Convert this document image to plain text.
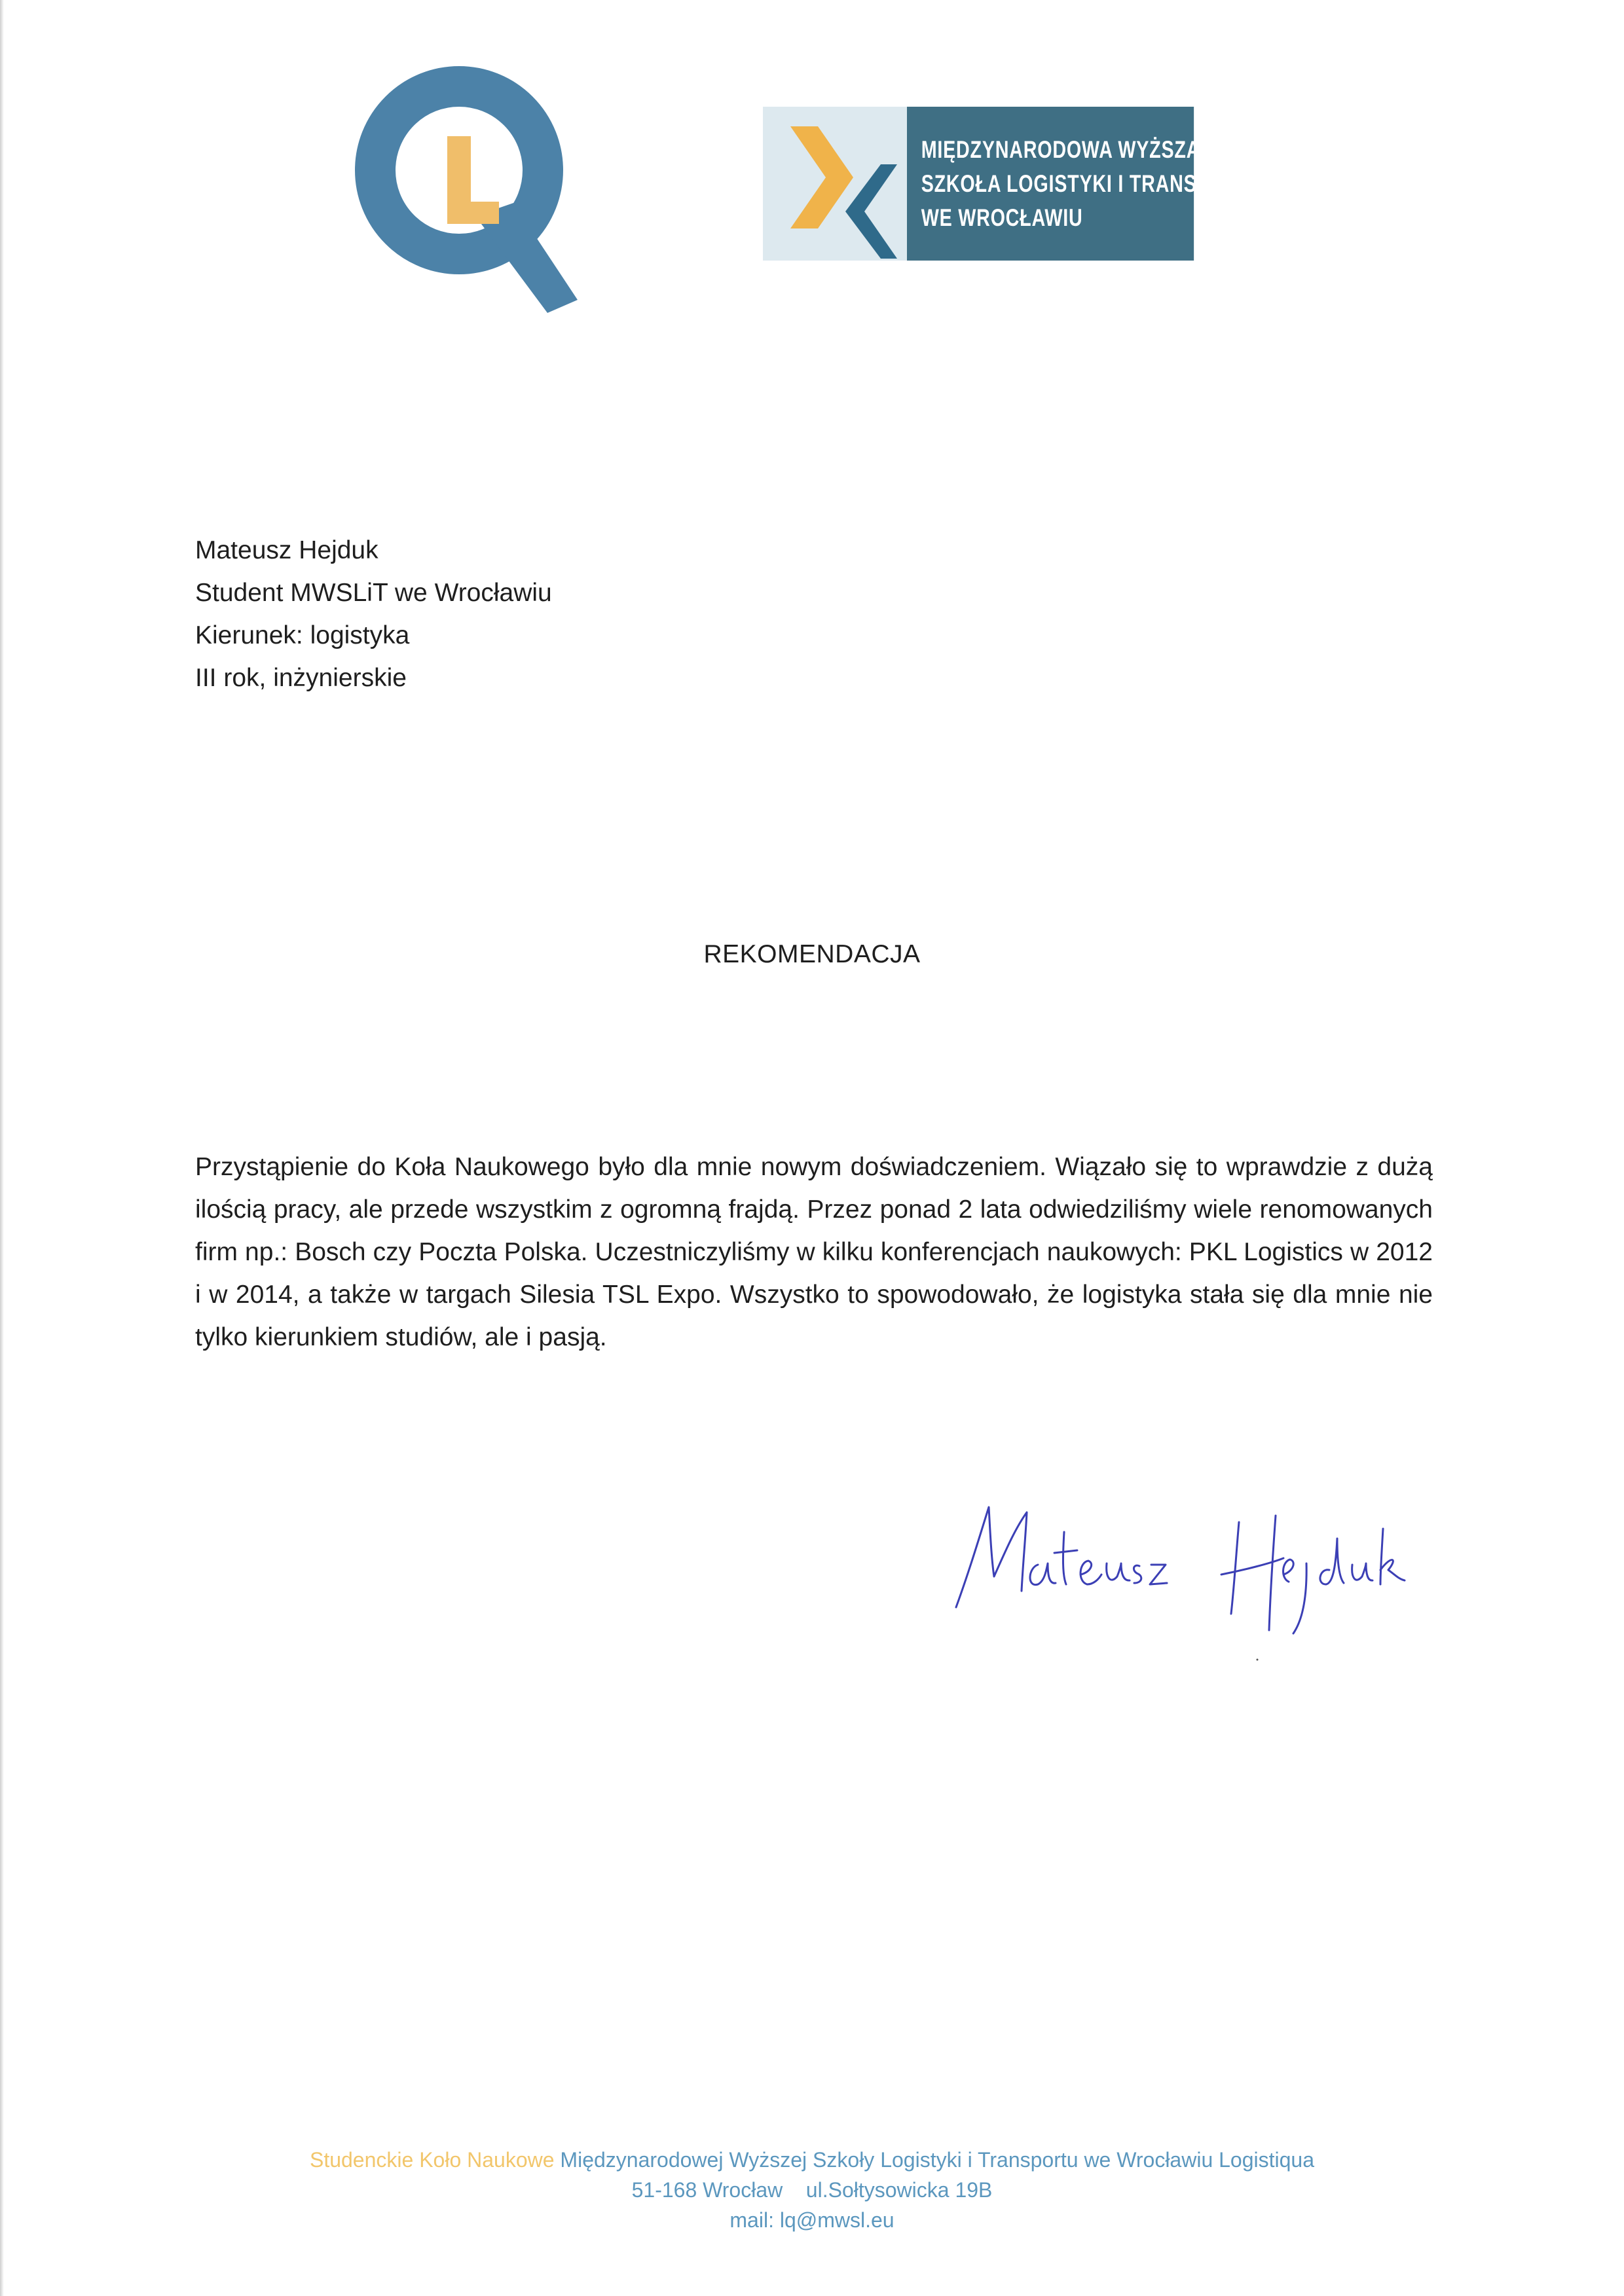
MIĘDZYNARODOWA WYŻSZA
SZKOŁA LOGISTYKI I TRANSPORTU
WE WROCŁAWIU
Mateusz Hejduk
Student MWSLiT we Wrocławiu
Kierunek: logistyka
III rok, inżynierskie
REKOMENDACJA
Przystąpienie do Koła Naukowego było dla mnie nowym doświadczeniem. Wiązało się to wprawdzie z dużą ilością pracy, ale przede wszystkim z ogromną frajdą. Przez ponad 2 lata odwiedziliśmy wiele renomowanych firm np.: Bosch czy Poczta Polska. Uczestniczyliśmy w kilku konferencjach naukowych: PKL Logistics w 2012 i w 2014, a także w targach Silesia TSL Expo. Wszystko to spowodowało, że logistyka stała się dla mnie nie tylko kierunkiem studiów, ale i pasją.
Studenckie Koło Naukowe Międzynarodowej Wyższej Szkoły Logistyki i Transportu we Wrocławiu Logistiqua
51-168 Wrocław    ul.Sołtysowicka 19B
mail: lq@mwsl.eu
